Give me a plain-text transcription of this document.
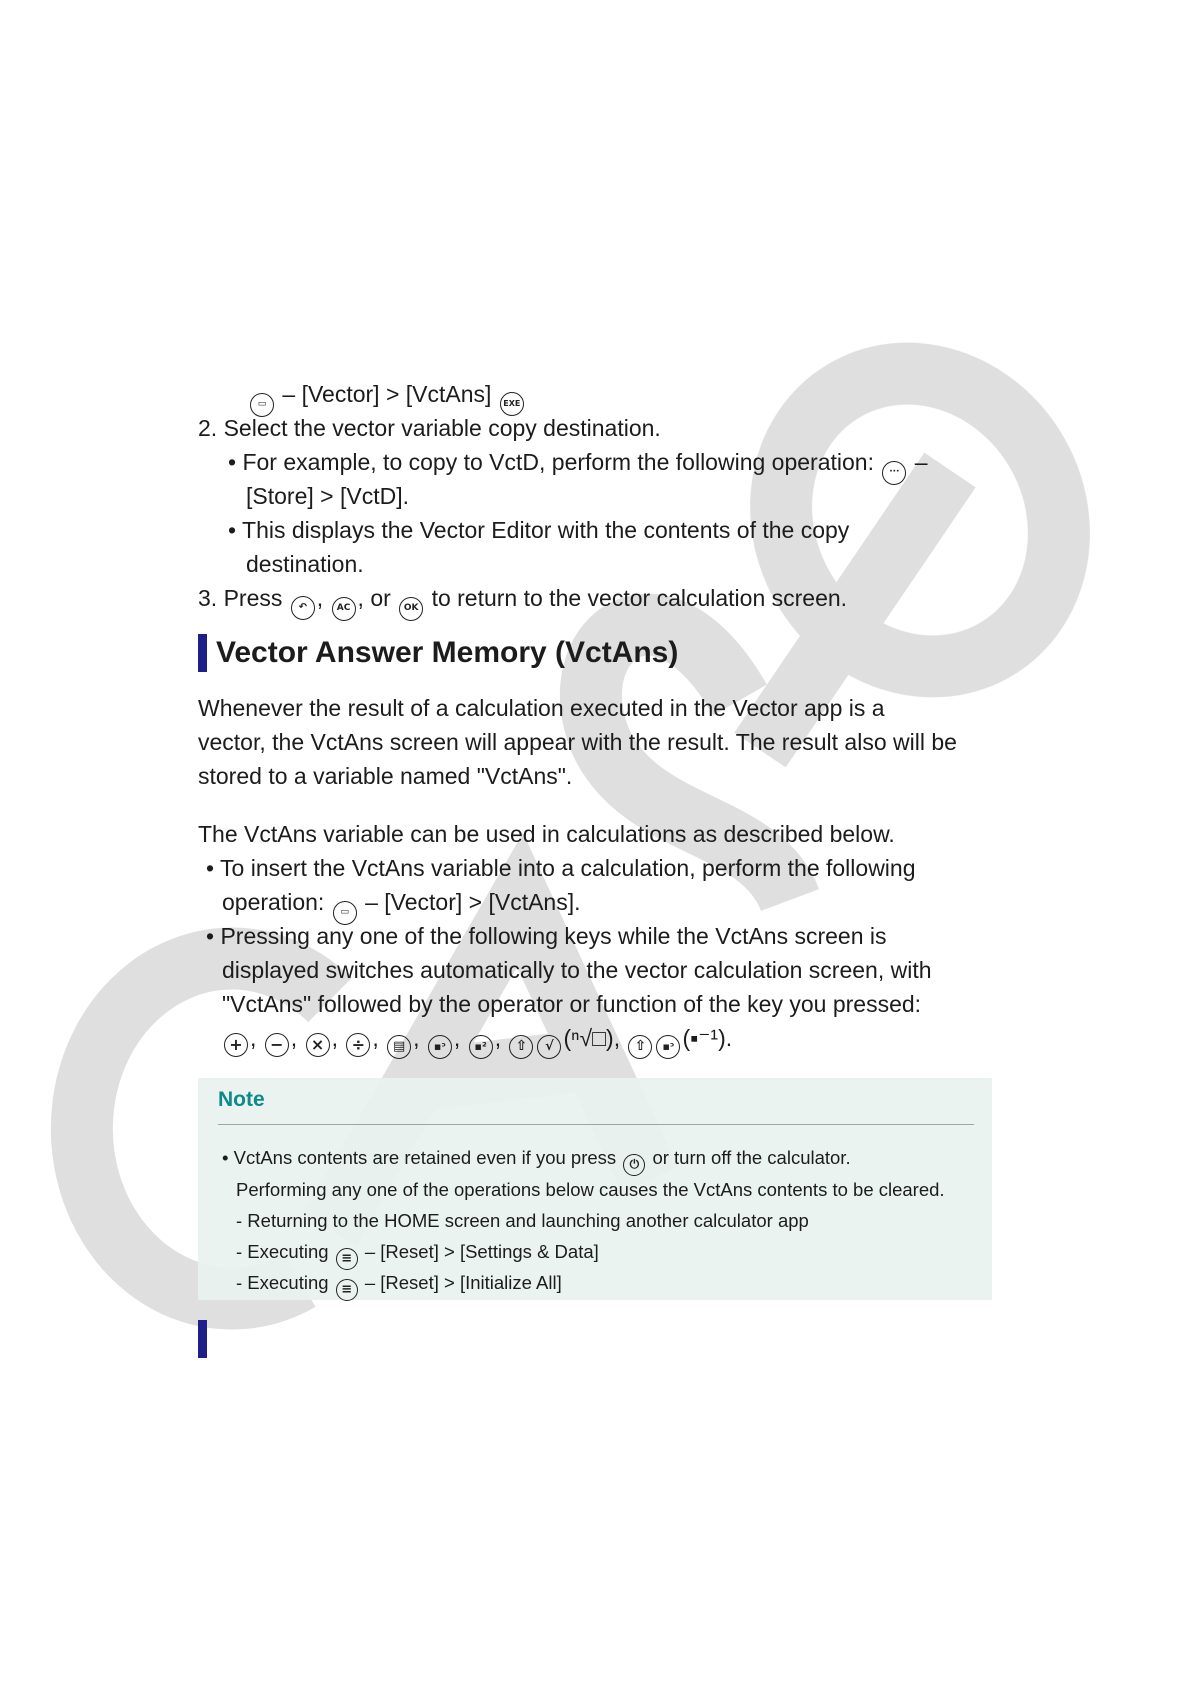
▭ – [Vector] > [VctAns] EXE
2. Select the vector variable copy destination.
• For example, to copy to VctD, perform the following operation: ··· –
[Store] > [VctD].
• This displays the Vector Editor with the contents of the copy
destination.
3. Press ↶ , AC , or OK to return to the vector calculation screen.
Vector Answer Memory (VctAns)
Whenever the result of a calculation executed in the Vector app is a
vector, the VctAns screen will appear with the result. The result also will be
stored to a variable named "VctAns".
The VctAns variable can be used in calculations as described below.
• To insert the VctAns variable into a calculation, perform the following
operation: ▭ – [Vector] > [VctAns].
• Pressing any one of the following keys while the VctAns screen is
displayed switches automatically to the vector calculation screen, with
"VctAns" followed by the operator or function of the key you pressed:
+ , − , × , ÷ , ▤ , ▪ᵓ , ▪² , ⇧ √ (ⁿ√□), ⇧ ▪ᵓ (▪⁻¹).
Note
• VctAns contents are retained even if you press ⏻ or turn off the calculator.
Performing any one of the operations below causes the VctAns contents to be cleared.
- Returning to the HOME screen and launching another calculator app
- Executing ≡ – [Reset] > [Settings & Data]
- Executing ≡ – [Reset] > [Initialize All]
